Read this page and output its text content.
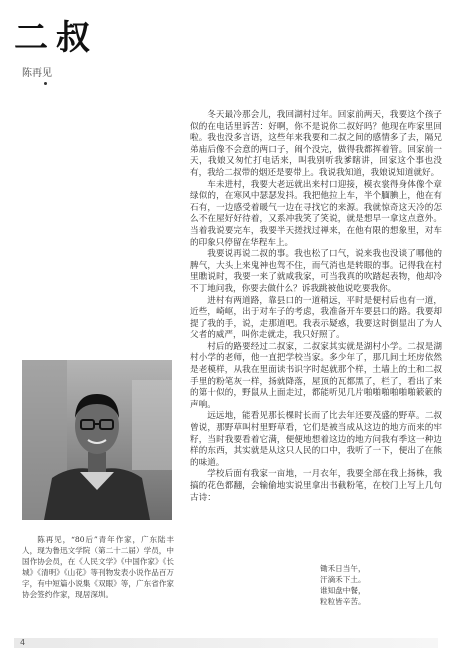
二叔
陈再见

冬天最冷那会儿，我回湖村过年。回家前两天，我要这个孩子似的在电话里诉苦：好啊，你不是说你二叔好吗？他现在咋家里回啦。我也没多言语，这些年来我要和二叔之间的感情多了去，隔兄弟庙后像不会意的两口子，闹个没完，做得我都挥着管。回家前一天，我娘又匆忙打电话来，叫我别听我爹瞎讲，回家这个事也没有，我给二叔带的烟还是要带上。我说我知道，我娘说知道就好。

车未进村，我要大老远就出来村口迎接，模衣裳得身体像个章绿似的，在寒风中瑟瑟发抖。我把他拉上车，半个腼腆上，他在有石有，一边感受着暖气一边在寻找它的来源。我就惊奇这天冷的怎么不在屋好好待着，又系冲我笑了笑说，就是想早一拿这点意外。当着我说要完车，我要半天搓找过禅来，在他有限的想象里，对车的印象只停留在华程车上。

我要说再说二叔的事。我也松了口气，说来我也没谈了哪他的脾气，大头上来鬼神也驾不住，而气消也是转眼的事。记得我在村里瞧说时，我要一来了就咸我家，可当我真的吹踏起表物，他却冷不丁地问我，你要去做什么？诉我跳被他说吃要我你。

进村有两道路，靠县口的一道稍远，平时是便村后也有一道，近些，崎岖，出于对车子的考虑，我准备开车要县口的路。我要却提了我的手，说，走那道吧。我表示疑惑，我要这时倒显出了为人父者的威严，叫你走就走，我只好照了。

村后的路要经过二叔家，二叔家其实就是湖村小学。二叔是湖村小学的老师，他一直把学校当家。多少年了，那几间土坯房依然是老模样，从我在里面读书识字时起就那个样，土墙上的土和二叔手里的粉笔灰一样，扬就降落，屋顶的瓦都黑了，栏了，看出了来的第十似的，野鼠从上面走过，都能听见几片啪啪啪啪啪啪簌簌的声响。

远远地，能看见那长棵时长而了比去年还要茂盛的野草。二叔曾说，那野草叫村里野草看，它们是被当成从这边的地方而来的牢籽，当时我要看着它满，便便地想着这边的地方问我有季这一种边样的东西，其实就是从这只人民的口中，我听了一下，便出了在熊的味道。

学校后面有我家一亩地，一月衣年，我要全部在我上扬株，我搞的花色都翻，会输偷地实说里拿出书截粉笔，在校门上写上几句古诗：

陈再见，“80后”青年作家，广东陆丰人，现为鲁迅文学院（第二十二届）学员，中国作协会员，在《人民文学》《中国作家》《长城》《清明》《山花》等刊物发表小说作品百万字，有中短篇小说集《双眼》等，广东省作家协会签约作家，现居深圳。

锄禾日当午，
汗滴禾下土。
谁知盘中餐，
粒粒皆辛苦。
4
